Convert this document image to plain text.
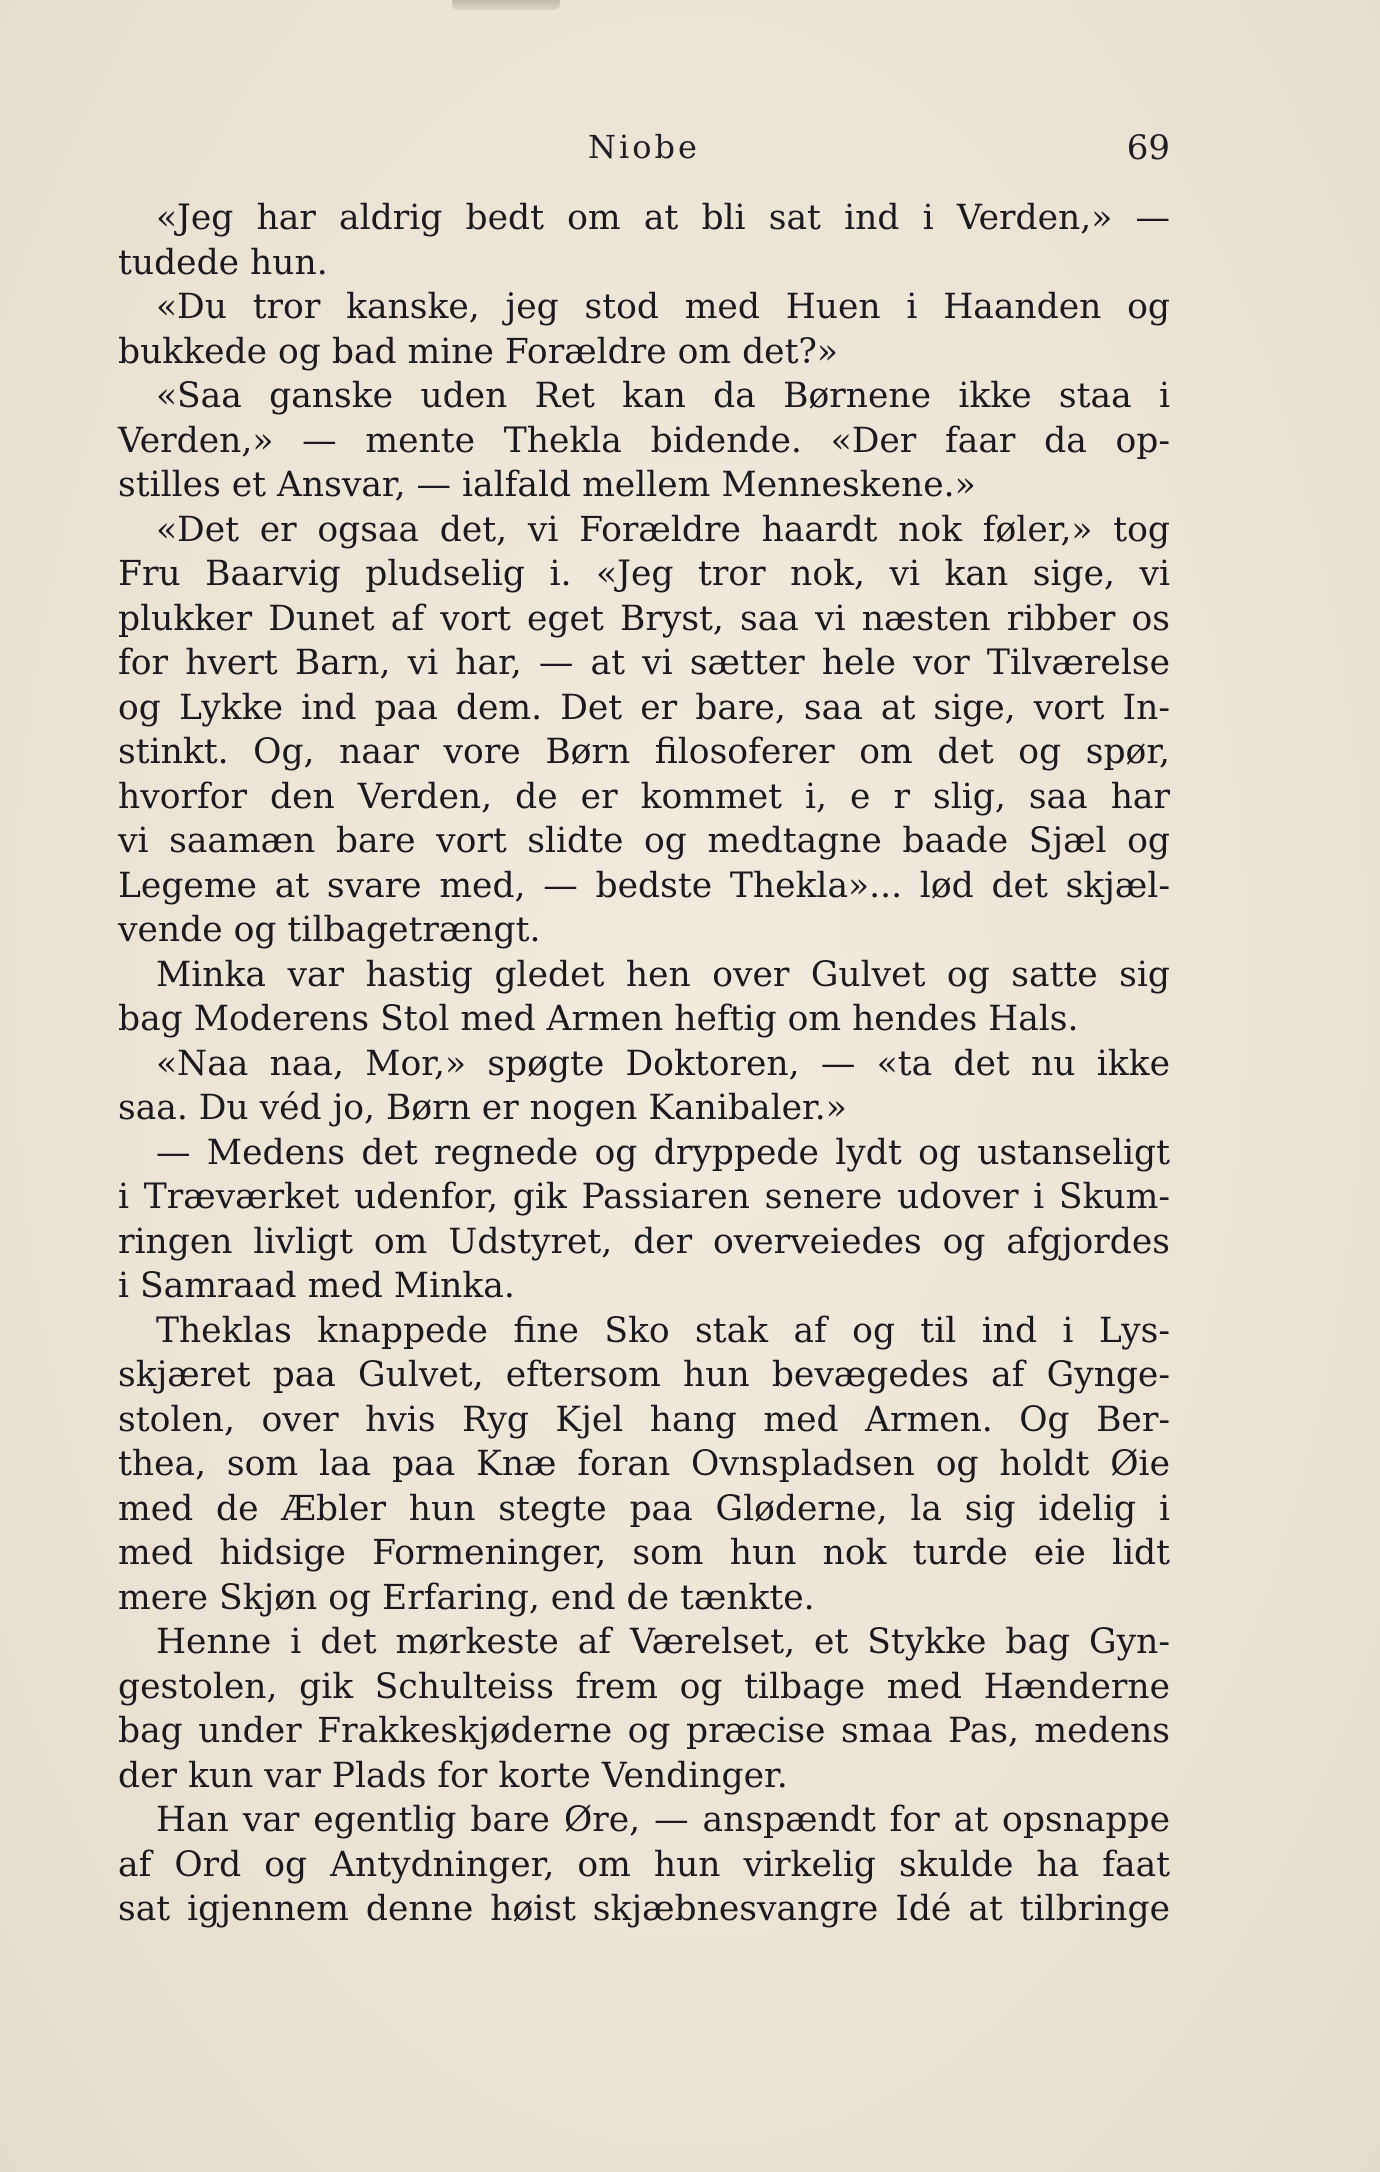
Niobe	69
«Jeg har aldrig bedt om at bli sat ind i Verden,» —
tudede hun.
«Du tror kanske, jeg stod med Huen i Haanden og
bukkede og bad mine Forældre om det?»
«Saa ganske uden Ret kan da Børnene ikke staa i
Verden,» — mente Thekla bidende. «Der faar da op-
stilles et Ansvar, — ialfald mellem Menneskene.»
«Det er ogsaa det, vi Forældre haardt nok føler,» tog
Fru Baarvig pludselig i. «Jeg tror nok, vi kan sige, vi
plukker Dunet af vort eget Bryst, saa vi næsten ribber os
for hvert Barn, vi har, — at vi sætter hele vor Tilværelse
og Lykke ind paa dem. Det er bare, saa at sige, vort In-
stinkt. Og, naar vore Børn filosoferer om det og spør,
hvorfor den Verden, de er kommet i, e r slig, saa har
vi saamæn bare vort slidte og medtagne baade Sjæl og
Legeme at svare med, — bedste Thekla»... lød det skjæl-
vende og tilbagetrængt.
Minka var hastig gledet hen over Gulvet og satte sig
bag Moderens Stol med Armen heftig om hendes Hals.
«Naa naa, Mor,» spøgte Doktoren, — «ta det nu ikke
saa. Du véd jo, Børn er nogen Kanibaler.»
— Medens det regnede og dryppede lydt og ustanseligt
i Træværket udenfor, gik Passiaren senere udover i Skum-
ringen livligt om Udstyret, der overveiedes og afgjordes
i Samraad med Minka.
Theklas knappede fine Sko stak af og til ind i Lys-
skjæret paa Gulvet, eftersom hun bevægedes af Gynge-
stolen, over hvis Ryg Kjel hang med Armen. Og Ber-
thea, som laa paa Knæ foran Ovnspladsen og holdt Øie
med de Æbler hun stegte paa Gløderne, la sig idelig i
med hidsige Formeninger, som hun nok turde eie lidt
mere Skjøn og Erfaring, end de tænkte.
Henne i det mørkeste af Værelset, et Stykke bag Gyn-
gestolen, gik Schulteiss frem og tilbage med Hænderne
bag under Frakkeskjøderne og præcise smaa Pas, medens
der kun var Plads for korte Vendinger.
Han var egentlig bare Øre, — anspændt for at opsnappe
af Ord og Antydninger, om hun virkelig skulde ha faat
sat igjennem denne høist skjæbnesvangre Idé at tilbringe
